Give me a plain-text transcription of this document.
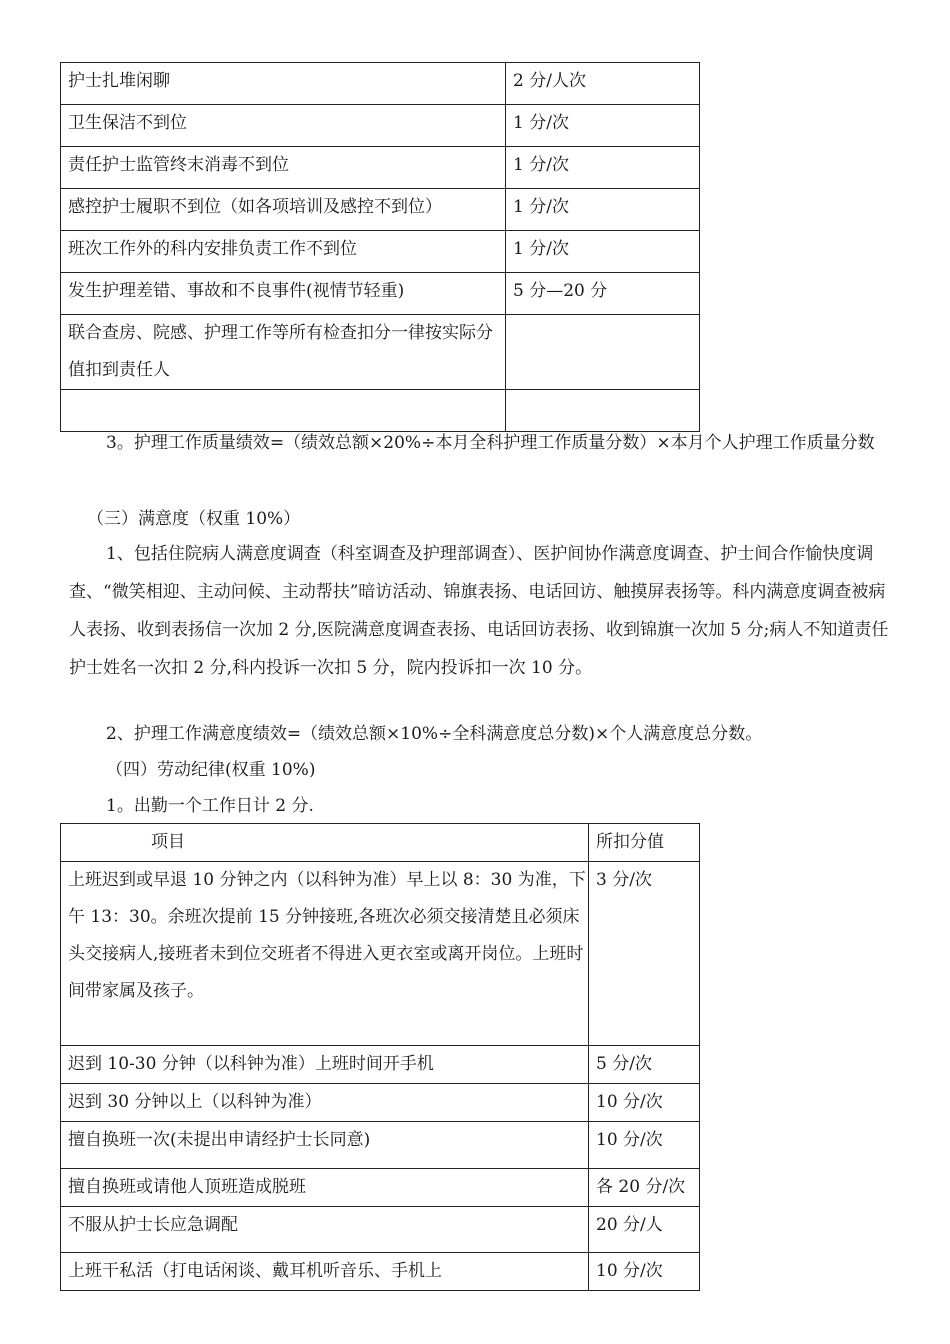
护士扎堆闲聊	2 分/人次
卫生保洁不到位	1 分/次
责任护士监管终末消毒不到位	1 分/次
感控护士履职不到位（如各项培训及感控不到位）	1 分/次
班次工作外的科内安排负责工作不到位	1 分/次
发生护理差错、事故和不良事件(视情节轻重)	5 分—20 分
联合查房、院感、护理工作等所有检查扣分一律按实际分值扣到责任人	

3。护理工作质量绩效=（绩效总额×20%÷本月全科护理工作质量分数）×本月个人护理工作质量分数

（三）满意度（权重 10%）

1、包括住院病人满意度调查（科室调查及护理部调查）、医护间协作满意度调查、护士间合作愉快度调查、“微笑相迎、主动问候、主动帮扶”暗访活动、锦旗表扬、电话回访、触摸屏表扬等。科内满意度调查被病人表扬、收到表扬信一次加 2 分,医院满意度调查表扬、电话回访表扬、收到锦旗一次加 5 分;病人不知道责任护士姓名一次扣 2 分,科内投诉一次扣 5 分，院内投诉扣一次 10 分。

2、护理工作满意度绩效=（绩效总额×10%÷全科满意度总分数)×个人满意度总分数。

（四）劳动纪律(权重 10%)

1。出勤一个工作日计 2 分.

项目	所扣分值
上班迟到或早退 10 分钟之内（以科钟为准）早上以 8：30 为准，下午 13：30。余班次提前 15 分钟接班,各班次必须交接清楚且必须床头交接病人,接班者未到位交班者不得进入更衣室或离开岗位。上班时间带家属及孩子。	3 分/次
迟到 10-30 分钟（以科钟为准）上班时间开手机	5 分/次
迟到 30 分钟以上（以科钟为准）	10 分/次
擅自换班一次(未提出申请经护士长同意)	10 分/次
擅自换班或请他人顶班造成脱班	各 20 分/次
不服从护士长应急调配	20 分/人
上班干私活（打电话闲谈、戴耳机听音乐、手机上	10 分/次
